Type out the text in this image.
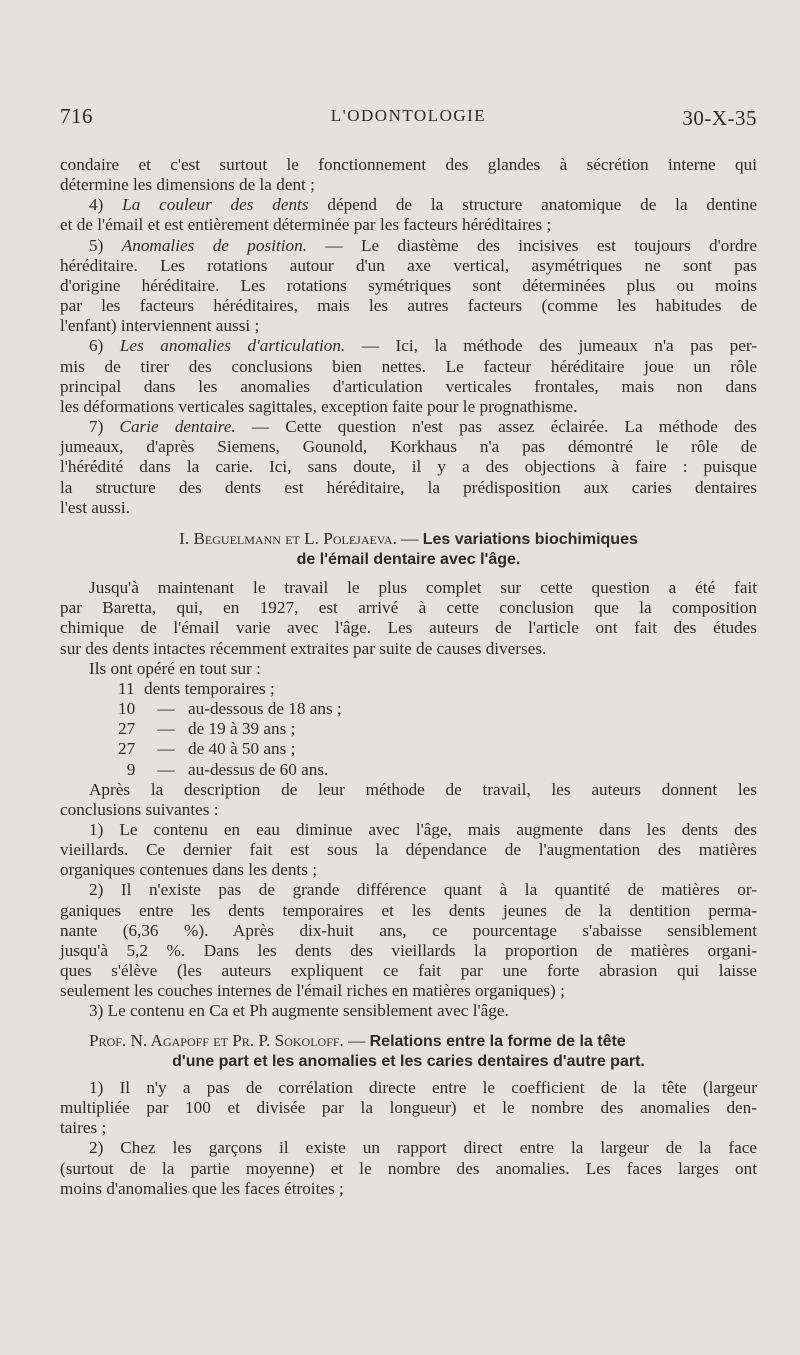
716	L'ODONTOLOGIE	30-X-35

condaire et c'est surtout le fonctionnement des glandes à sécrétion interne qui
détermine les dimensions de la dent ;

4) La couleur des dents dépend de la structure anatomique de la dentine
et de l'émail et est entièrement déterminée par les facteurs héréditaires ;

5) Anomalies de position. — Le diastème des incisives est toujours d'ordre
héréditaire. Les rotations autour d'un axe vertical, asymétriques ne sont pas
d'origine héréditaire. Les rotations symétriques sont déterminées plus ou moins
par les facteurs héréditaires, mais les autres facteurs (comme les habitudes de
l'enfant) interviennent aussi ;

6) Les anomalies d'articulation. — Ici, la méthode des jumeaux n'a pas per-
mis de tirer des conclusions bien nettes. Le facteur héréditaire joue un rôle
principal dans les anomalies d'articulation verticales frontales, mais non dans
les déformations verticales sagittales, exception faite pour le prognathisme.

7) Carie dentaire. — Cette question n'est pas assez éclairée. La méthode des
jumeaux, d'après Siemens, Gounold, Korkhaus n'a pas démontré le rôle de
l'hérédité dans la carie. Ici, sans doute, il y a des objections à faire : puisque
la structure des dents est héréditaire, la prédisposition aux caries dentaires
l'est aussi.

I. Beguelmann et L. Polejaeva. — Les variations biochimiques
de l'émail dentaire avec l'âge.

Jusqu'à maintenant le travail le plus complet sur cette question a été fait
par Baretta, qui, en 1927, est arrivé à cette conclusion que la composition
chimique de l'émail varie avec l'âge. Les auteurs de l'article ont fait des études
sur des dents intactes récemment extraites par suite de causes diverses.

Ils ont opéré en tout sur :

11 dents temporaires ;
10 — au-dessous de 18 ans ;
27 — de 19 à 39 ans ;
27 — de 40 à 50 ans ;
9 — au-dessus de 60 ans.

Après la description de leur méthode de travail, les auteurs donnent les
conclusions suivantes :

1) Le contenu en eau diminue avec l'âge, mais augmente dans les dents des
vieillards. Ce dernier fait est sous la dépendance de l'augmentation des matières
organiques contenues dans les dents ;

2) Il n'existe pas de grande différence quant à la quantité de matières or-
ganiques entre les dents temporaires et les dents jeunes de la dentition perma-
nante (6,36 %). Après dix-huit ans, ce pourcentage s'abaisse sensiblement
jusqu'à 5,2 %. Dans les dents des vieillards la proportion de matières organi-
ques s'élève (les auteurs expliquent ce fait par une forte abrasion qui laisse
seulement les couches internes de l'émail riches en matières organiques) ;

3) Le contenu en Ca et Ph augmente sensiblement avec l'âge.

Prof. N. Agapoff et Pr. P. Sokoloff. — Relations entre la forme de la tête

d'une part et les anomalies et les caries dentaires d'autre part.

1) Il n'y a pas de corrélation directe entre le coefficient de la tête (largeur
multipliée par 100 et divisée par la longueur) et le nombre des anomalies den-
taires ;

2) Chez les garçons il existe un rapport direct entre la largeur de la face
(surtout de la partie moyenne) et le nombre des anomalies. Les faces larges ont
moins d'anomalies que les faces étroites ;
